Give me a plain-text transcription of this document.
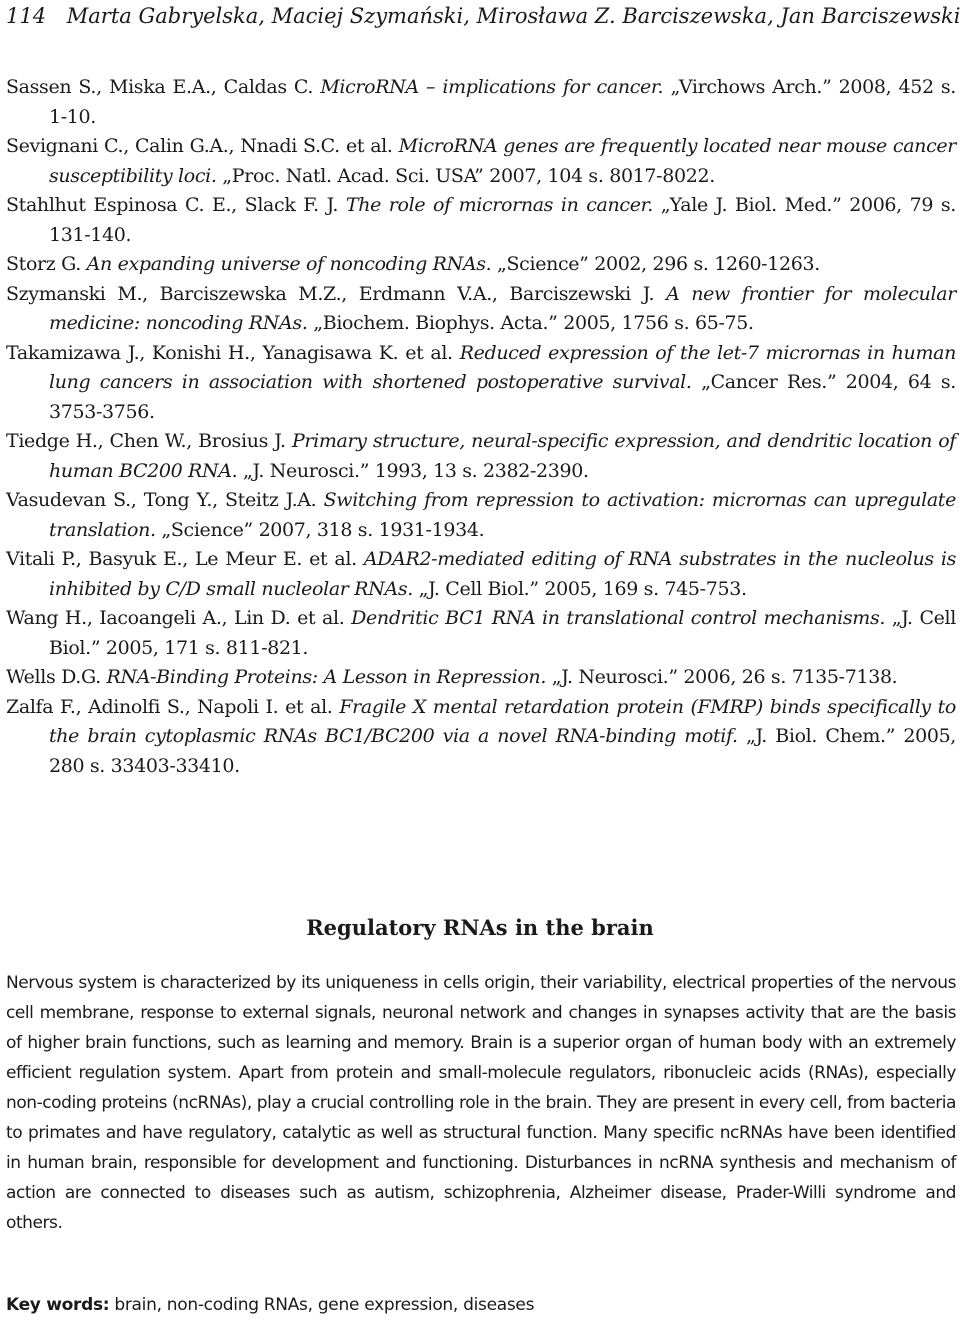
114 Marta Gabryelska, Maciej Szymański, Mirosława Z. Barciszewska, Jan Barciszewski
Sassen S., Miska E.A., Caldas C. MicroRNA – implications for cancer. „Virchows Arch.” 2008, 452 s. 1-10.
Sevignani C., Calin G.A., Nnadi S.C. et al. MicroRNA genes are frequently located near mouse cancer susceptibility loci. „Proc. Natl. Acad. Sci. USA” 2007, 104 s. 8017-8022.
Stahlhut Espinosa C. E., Slack F. J. The role of micrornas in cancer. „Yale J. Biol. Med.” 2006, 79 s. 131-140.
Storz G. An expanding universe of noncoding RNAs. „Science” 2002, 296 s. 1260-1263.
Szymanski M., Barciszewska M.Z., Erdmann V.A., Barciszewski J. A new frontier for molecular medicine: noncoding RNAs. „Biochem. Biophys. Acta.” 2005, 1756 s. 65-75.
Takamizawa J., Konishi H., Yanagisawa K. et al. Reduced expression of the let-7 micrornas in human lung cancers in association with shortened postoperative survival. „Cancer Res.” 2004, 64 s. 3753-3756.
Tiedge H., Chen W., Brosius J. Primary structure, neural-specific expression, and dendritic location of human BC200 RNA. „J. Neurosci.” 1993, 13 s. 2382-2390.
Vasudevan S., Tong Y., Steitz J.A. Switching from repression to activation: micrornas can upregulate translation. „Science” 2007, 318 s. 1931-1934.
Vitali P., Basyuk E., Le Meur E. et al. ADAR2-mediated editing of RNA substrates in the nucleolus is inhibited by C/D small nucleolar RNAs. „J. Cell Biol.” 2005, 169 s. 745-753.
Wang H., Iacoangeli A., Lin D. et al. Dendritic BC1 RNA in translational control mechanisms. „J. Cell Biol.” 2005, 171 s. 811-821.
Wells D.G. RNA-Binding Proteins: A Lesson in Repression. „J. Neurosci.” 2006, 26 s. 7135-7138.
Zalfa F., Adinolfi S., Napoli I. et al. Fragile X mental retardation protein (FMRP) binds specifically to the brain cytoplasmic RNAs BC1/BC200 via a novel RNA-binding motif. „J. Biol. Chem.” 2005, 280 s. 33403-33410.
Regulatory RNAs in the brain

Nervous system is characterized by its uniqueness in cells origin, their variability, electrical properties of the nervous cell membrane, response to external signals, neuronal network and changes in synapses activity that are the basis of higher brain functions, such as learning and memory. Brain is a superior organ of human body with an extremely efficient regulation system. Apart from protein and small-molecule regulators, ribonucleic acids (RNAs), especially non-coding proteins (ncRNAs), play a crucial controlling role in the brain. They are present in every cell, from bacteria to primates and have regulatory, catalytic as well as structural function. Many specific ncRNAs have been identified in human brain, responsible for development and functioning. Disturbances in ncRNA synthesis and mechanism of action are connected to diseases such as autism, schizophrenia, Alzheimer disease, Prader-Willi syndrome and others.

Key words: brain, non-coding RNAs, gene expression, diseases
